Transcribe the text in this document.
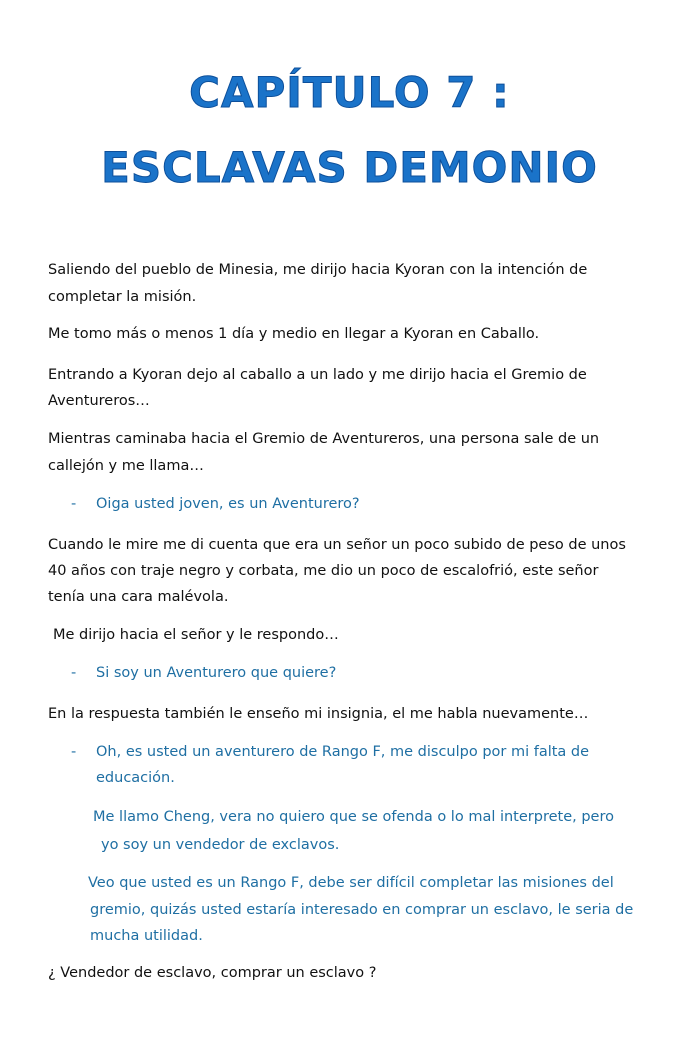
CAPÍTULO 7 :
ESCLAVAS DEMONIO

Saliendo del pueblo de Minesia, me dirijo hacia Kyoran con la intención de

completar la misión.

Me tomo más o menos 1 día y medio en llegar a Kyoran en Caballo.

Entrando a Kyoran dejo al caballo a un lado y me dirijo hacia el Gremio de

Aventureros…

Mientras caminaba hacia el Gremio de Aventureros, una persona sale de un

callejón y me llama…

- Oiga usted joven, es un Aventurero?

Cuando le mire me di cuenta que era un señor un poco subido de peso de unos

40 años con traje negro y corbata, me dio un poco de escalofrió, este señor

tenía una cara malévola.

Me dirijo hacia el señor y le respondo…

- Si soy un Aventurero que quiere?

En la respuesta también le enseño mi insignia, el me habla nuevamente…

- Oh, es usted un aventurero de Rango F, me disculpo por mi falta de

educación.

Me llamo Cheng, vera no quiero que se ofenda o lo mal interprete, pero

yo soy un vendedor de exclavos.

Veo que usted es un Rango F, debe ser difícil completar las misiones del

gremio, quizás usted estaría interesado en comprar un esclavo, le seria de

mucha utilidad.

¿ Vendedor de esclavo, comprar un esclavo ?
